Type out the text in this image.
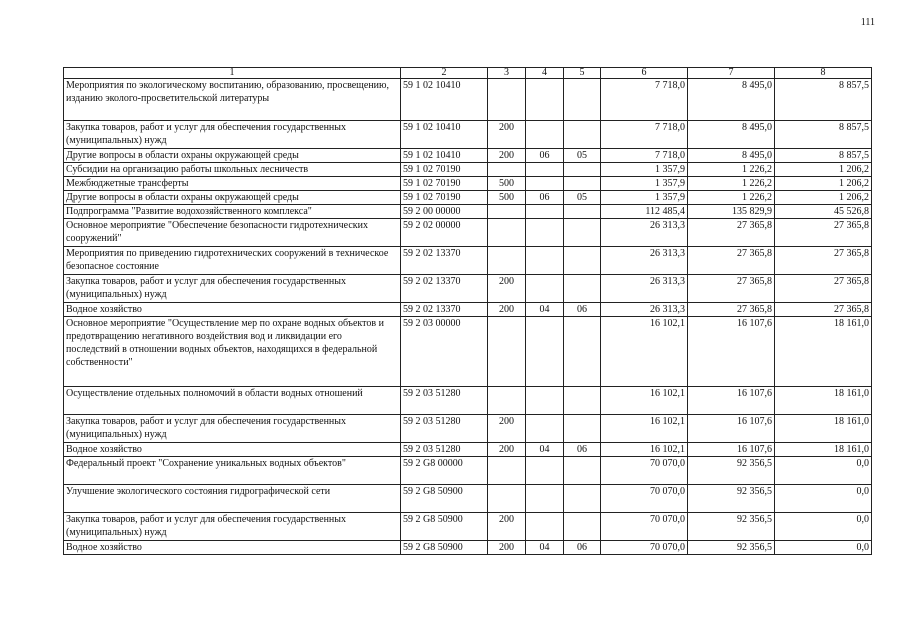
111
1	2	3	4	5	6	7	8
Мероприятия по экологическому воспитанию, образованию, просвещению, изданию эколого-просветительской литературы	59 1 02 10410				7 718,0	8 495,0	8 857,5
Закупка товаров, работ и услуг для обеспечения государственных (муниципальных) нужд	59 1 02 10410	200			7 718,0	8 495,0	8 857,5
Другие вопросы в области охраны окружающей среды	59 1 02 10410	200	06	05	7 718,0	8 495,0	8 857,5
Субсидии на организацию работы школьных лесничеств	59 1 02 70190				1 357,9	1 226,2	1 206,2
Межбюджетные трансферты	59 1 02 70190	500			1 357,9	1 226,2	1 206,2
Другие вопросы в области охраны окружающей среды	59 1 02 70190	500	06	05	1 357,9	1 226,2	1 206,2
Подпрограмма "Развитие водохозяйственного комплекса"	59 2 00 00000				112 485,4	135 829,9	45 526,8
Основное мероприятие "Обеспечение безопасности гидротехнических сооружений"	59 2 02 00000				26 313,3	27 365,8	27 365,8
Мероприятия по приведению гидротехнических сооружений в техническое безопасное состояние	59 2 02 13370				26 313,3	27 365,8	27 365,8
Закупка товаров, работ и услуг для обеспечения государственных (муниципальных) нужд	59 2 02 13370	200			26 313,3	27 365,8	27 365,8
Водное хозяйство	59 2 02 13370	200	04	06	26 313,3	27 365,8	27 365,8
Основное мероприятие "Осуществление мер по охране водных объектов и предотвращению негативного воздействия вод и ликвидации его последствий в отношении водных объектов, находящихся в федеральной собственности"	59 2 03 00000				16 102,1	16 107,6	18 161,0
Осуществление отдельных полномочий в области водных отношений	59 2 03 51280				16 102,1	16 107,6	18 161,0
Закупка товаров, работ и услуг для обеспечения государственных (муниципальных) нужд	59 2 03 51280	200			16 102,1	16 107,6	18 161,0
Водное хозяйство	59 2 03 51280	200	04	06	16 102,1	16 107,6	18 161,0
Федеральный проект "Сохранение уникальных водных объектов"	59 2 G8 00000				70 070,0	92 356,5	0,0
Улучшение экологического состояния гидрографической сети	59 2 G8 50900				70 070,0	92 356,5	0,0
Закупка товаров, работ и услуг для обеспечения государственных (муниципальных) нужд	59 2 G8 50900	200			70 070,0	92 356,5	0,0
Водное хозяйство	59 2 G8 50900	200	04	06	70 070,0	92 356,5	0,0
